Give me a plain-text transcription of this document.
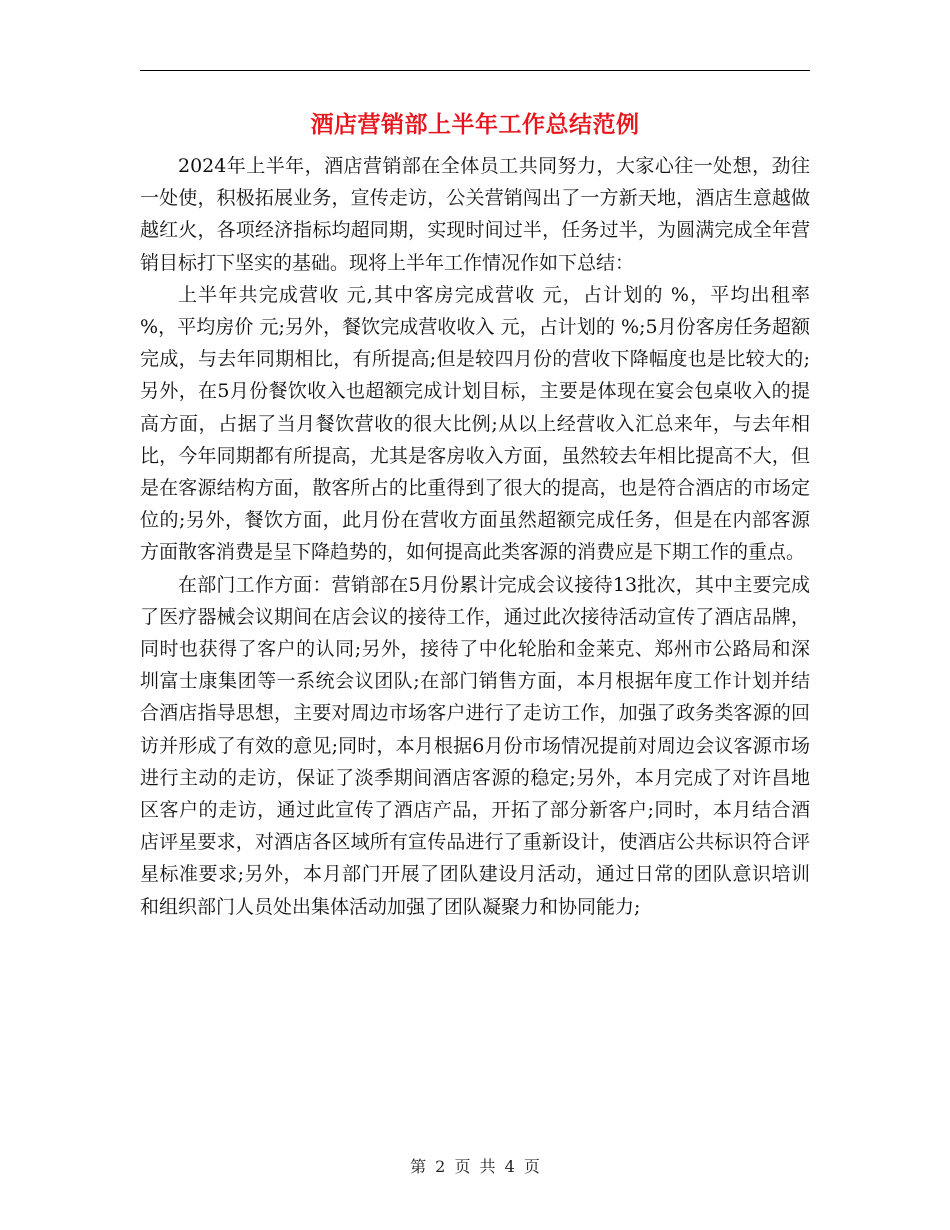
酒店营销部上半年工作总结范例

2024年上半年，酒店营销部在全体员工共同努力，大家心往一处想，劲往一处使，积极拓展业务，宣传走访，公关营销闯出了一方新天地，酒店生意越做越红火，各项经济指标均超同期，实现时间过半，任务过半，为圆满完成全年营销目标打下坚实的基础。现将上半年工作情况作如下总结：

上半年共完成营收 元,其中客房完成营收 元，占计划的 %，平均出租率 %，平均房价 元;另外，餐饮完成营收收入 元，占计划的 %;5月份客房任务超额完成，与去年同期相比，有所提高;但是较四月份的营收下降幅度也是比较大的;另外，在5月份餐饮收入也超额完成计划目标，主要是体现在宴会包桌收入的提高方面，占据了当月餐饮营收的很大比例;从以上经营收入汇总来年，与去年相比，今年同期都有所提高，尤其是客房收入方面，虽然较去年相比提高不大，但是在客源结构方面，散客所占的比重得到了很大的提高，也是符合酒店的市场定位的;另外，餐饮方面，此月份在营收方面虽然超额完成任务，但是在内部客源方面散客消费是呈下降趋势的，如何提高此类客源的消费应是下期工作的重点。

在部门工作方面：营销部在5月份累计完成会议接待13批次，其中主要完成了医疗器械会议期间在店会议的接待工作，通过此次接待活动宣传了酒店品牌，同时也获得了客户的认同;另外，接待了中化轮胎和金莱克、郑州市公路局和深圳富士康集团等一系统会议团队;在部门销售方面，本月根据年度工作计划并结合酒店指导思想，主要对周边市场客户进行了走访工作，加强了政务类客源的回访并形成了有效的意见;同时，本月根据6月份市场情况提前对周边会议客源市场进行主动的走访，保证了淡季期间酒店客源的稳定;另外，本月完成了对许昌地区客户的走访，通过此宣传了酒店产品，开拓了部分新客户;同时，本月结合酒店评星要求，对酒店各区域所有宣传品进行了重新设计，使酒店公共标识符合评星标准要求;另外，本月部门开展了团队建设月活动，通过日常的团队意识培训和组织部门人员处出集体活动加强了团队凝聚力和协同能力;

第 2 页 共 4 页
